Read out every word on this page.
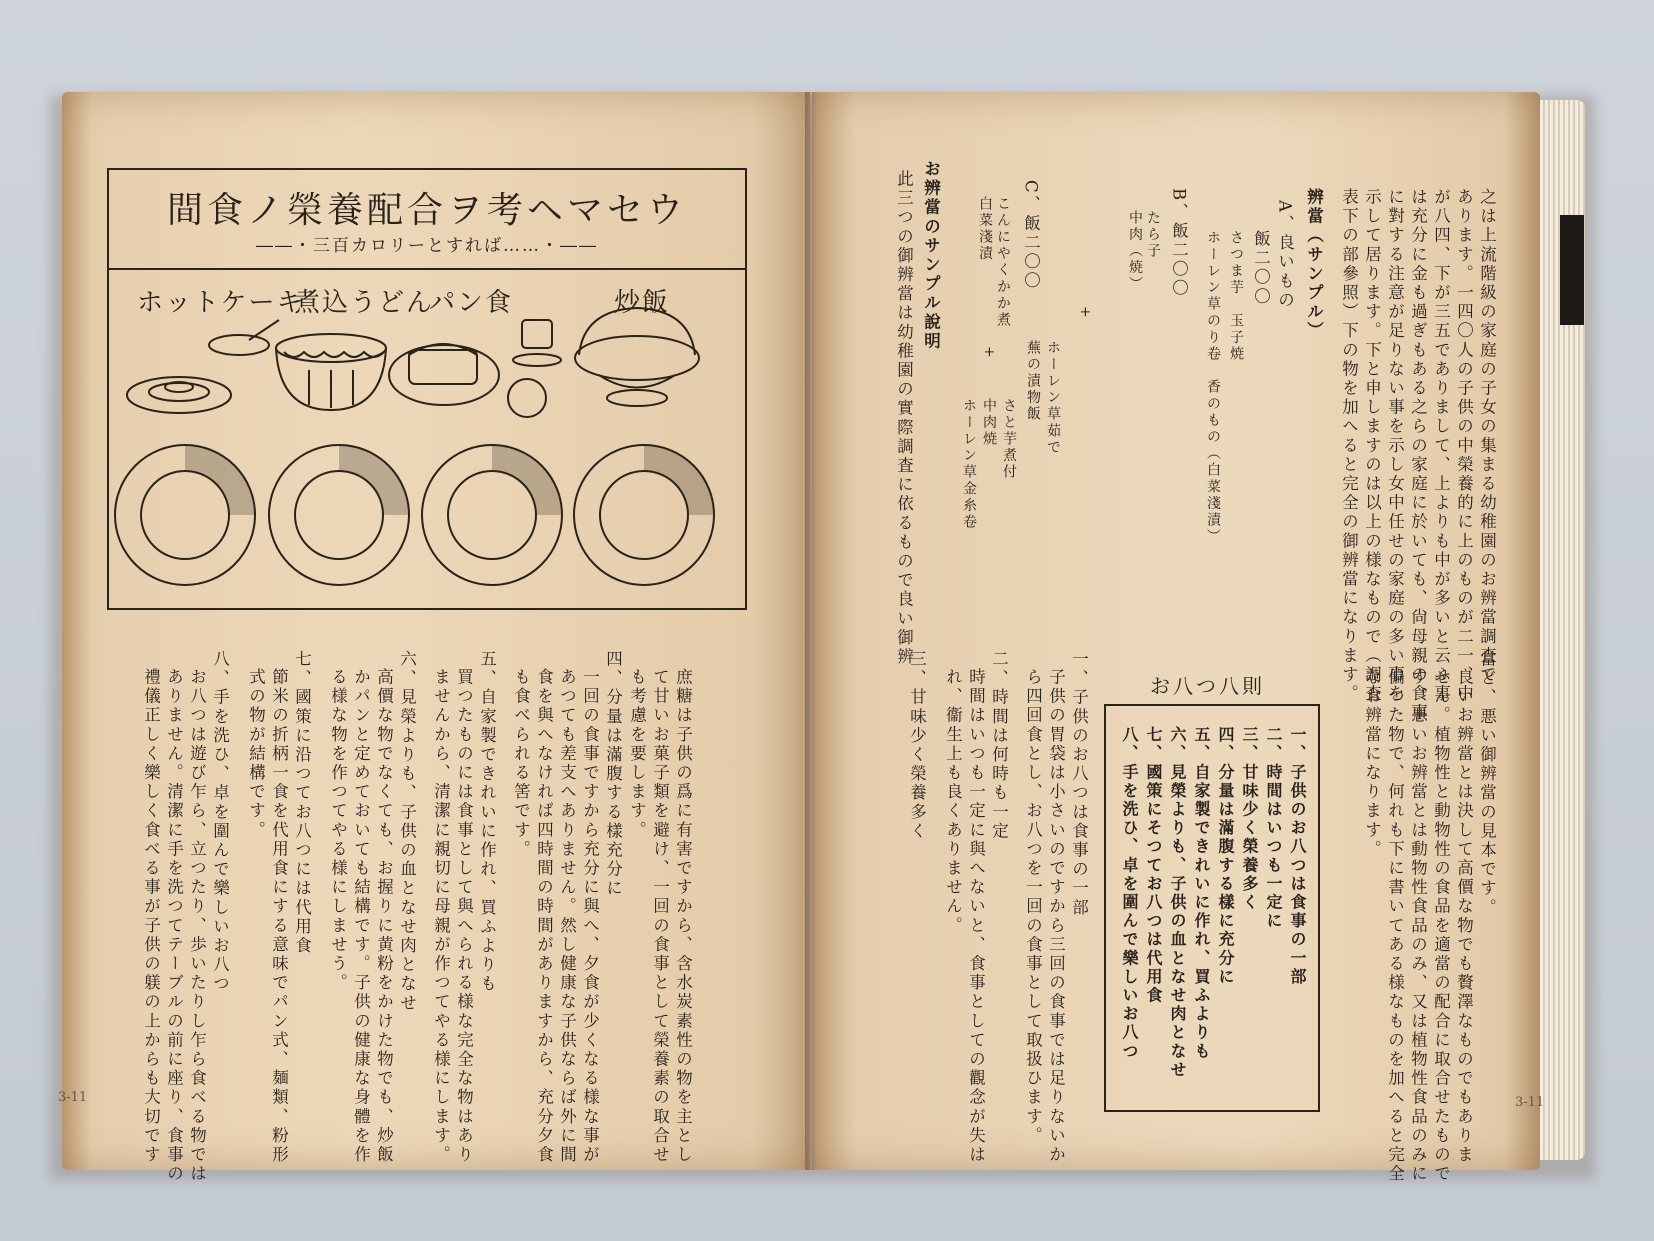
間食ノ榮養配合ヲ考ヘマセウ
――・三百カロリーとすれば……・――
ホットケーキ
煮込うどん
パン食	炒飯
庶糖は子供の爲に有害ですから、含水炭素性の物を主とし
て甘いお菓子類を避け、一回の食事として榮養素の取合せ
も考慮を要します。
四、分量は滿腹する樣充分に
一回の食事ですから充分に與へ、夕食が少くなる様な事が
あつても差支へありません。然し健康な子供ならば外に間
食を與へなければ四時間の時間がありますから、充分夕食
も食べられる筈です。
五、自家製できれいに作れ、買ふよりも
買つたものには食事として與へられる様な完全な物はあり
ませんから、清潔に親切に母親が作つてやる様にします。
六、見榮よりも、子供の血となせ肉となせ
高價な物でなくても、お握りに黄粉をかけた物でも、炒飯
かパンと定めておいても結構です。子供の健康な身體を作
る様な物を作つてやる様にしませう。
七、國策に沿つてお八つには代用食
節米の折柄一食を代用食にする意味でパン式、麺類、粉形
式の物が結構です。
八、手を洗ひ、卓を圍んで樂しいお八つ
お八つは遊び乍ら、立つたり、歩いたりし乍ら食べる物では
ありません。清潔に手を洗つてテーブルの前に座り、食事の
禮儀正しく樂しく食べる事が子供の躾の上からも大切です
3-11
之は上流階級の家庭の子女の集まる幼稚園のお辨當調査で
あります。一四〇人の子供の中榮養的に上のものが二一、中
が八四、下が三五でありまして、上よりも中が多いと云ふ事
は充分に金も過ぎもある之らの家庭に於いても、尙母親の食事
に對する注意が足りない事を示し女中任せの家庭の多い事を
示して居ります。下と申しますのは以上の様なもので（調査
表下の部參照）下の物を加へると完全の御辨當になります。
辨當（サンプル）
A、良いもの
飯二〇〇
さつま芋　玉子焼
ホーレン草のり卷　香のもの（白菜淺漬）
B、飯二〇〇
たら子
中肉（焼）
+
ホーレン草茹で
蕪の漬物飯
C、飯二〇〇
こんにやくかか煮
白菜淺漬
+
さと芋煮付
中肉焼
ホーレン草金糸卷
お辨當のサンプル說明
此三つの御辨當は幼稚園の實際調査に依るもので良い御辨
當と、悪い御辨當の見本です。
良いお辨當とは決して高價な物でも贅澤なものでもありま
せん。植物性と動物性の食品を適當の配合に取合せたもので
す。悪いお辨當とは動物性食品のみ、又は植物性食品のみに
偏つた物で、何れも下に書いてある様なものを加へると完全
なお辨當になります。
お八つ八則
一、子供のお八つは食事の一部
二、時間はいつも一定に
三、甘味少く榮養多く
四、分量は滿腹する樣に充分に
五、自家製できれいに作れ、買ふよりも
六、見榮よりも、子供の血となせ肉となせ
七、國策にそつてお八つは代用食
八、手を洗ひ、卓を圍んで樂しいお八つ
一、子供のお八つは食事の一部
子供の胃袋は小さいのですから三回の食事では足りないか
ら四回食とし、お八つを一回の食事として取扱ひます。
二、時間は何時も一定
時間はいつも一定に與へないと、食事としての觀念が失は
れ、衞生上も良くありません。
三、甘味少く榮養多く
3-11
